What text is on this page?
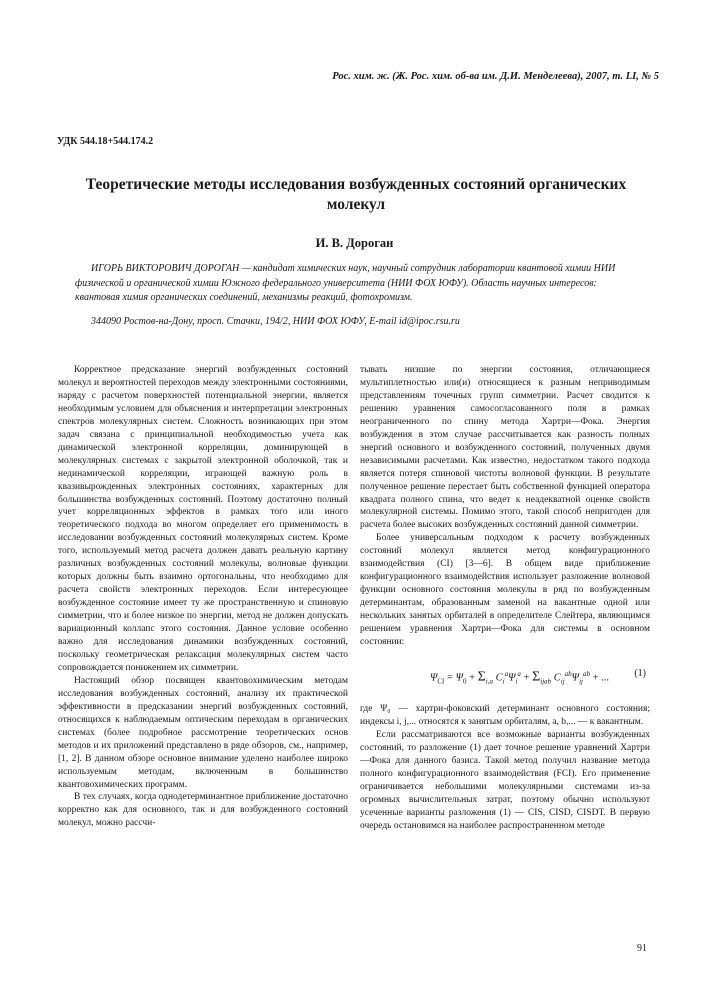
Рос. хим. ж. (Ж. Рос. хим. об-ва им. Д.И. Менделеева), 2007, т. LI, № 5
УДК 544.18+544.174.2
Теоретические методы исследования возбужденных состояний органических молекул
И. В. Дороган

ИГОРЬ ВИКТОРОВИЧ ДОРОГАН — кандидат химических наук, научный сотрудник лаборатории квантовой химии НИИ физической и органической химии Южного федерального университета (НИИ ФОХ ЮФУ). Область научных интересов: квантовая химия органических соединений, механизмы реакций, фотохромизм.

344090 Ростов-на-Дону, просп. Стачки, 194/2, НИИ ФОХ ЮФУ, E-mail id@ipoc.rsu.ru

Корректное предсказание энергий возбужденных состояний молекул и вероятностей переходов между электронными состояниями, наряду с расчетом поверхностей потенциальной энергии, является необходимым условием для объяснения и интерпретации электронных спектров молекулярных систем. Сложность возникающих при этом задач связана с принципиальной необходимостью учета как динамической электронной корреляции, доминирующей в молекулярных системах с закрытой электронной оболочкой, так и нединамической корреляции, играющей важную роль в квазивырожденных электронных состояниях, характерных для большинства возбужденных состояний. Поэтому достаточно полный учет корреляционных эффектов в рамках того или иного теоретического подхода во многом определяет его применимость в исследовании возбужденных состояний молекулярных систем. Кроме того, используемый метод расчета должен давать реальную картину различных возбужденных состояний молекулы, волновые функции которых должны быть взаимно ортогональны, что необходимо для расчета свойств электронных переходов. Если интересующее возбужденное состояние имеет ту же пространственную и спиновую симметрии, что и более низкое по энергии, метод не должен допускать вариационный коллапс этого состояния. Данное условие особенно важно для исследования динамики возбужденных состояний, поскольку геометрическая релаксация молекулярных систем часто сопровождается понижением их симметрии.

Настоящий обзор посвящен квантовохимическим методам исследования возбужденных состояний, анализу их практической эффективности в предсказании энергий возбужденных состояний, относящихся к наблюдаемым оптическим переходам в органических системах (более подробное рассмотрение теоретических основ методов и их приложений представлено в ряде обзоров, см., например, [1, 2]. В данном обзоре основное внимание уделено наиболее широко используемым методам, включенным в большинство квантовохимических программ.

В тех случаях, когда однодетерминантное приближение достаточно корректно как для основного, так и для возбужденного состояний молекул, можно рассчи-

тывать низшие по энергии состояния, отличающиеся мультиплетностью или(и) относящиеся к разным неприводимым представлениям точечных групп симметрии. Расчет сводится к решению уравнения самосогласованного поля в рамках неограниченного по спину метода Хартри—Фока. Энергия возбуждения в этом случае рассчитывается как разность полных энергий основного и возбужденного состояний, полученных двумя независимыми расчетами. Как известно, недостатком такого подхода является потеря спиновой чистоты волновой функции. В результате полученное решение перестает быть собственной функцией оператора квадрата полного спина, что ведет к неадекватной оценке свойств молекулярной системы. Помимо этого, такой способ непригоден для расчета более высоких возбужденных состояний данной симметрии.

Более универсальным подходом к расчету возбужденных состояний молекул является метод конфигурационного взаимодействия (CI) [3—6]. В общем виде приближение конфигурационного взаимодействия использует разложение волновой функции основного состояния молекулы в ряд по возбужденным детерминантам, образованным заменой на вакантные одной или нескольких занятых орбиталей в определителе Слейтера, являющимся решением уравнения Хартри—Фока для системы в основном состоянии:

$\Psi_{CI} = \Psi_0 + \Sigma_{i,a}$ $C_i^a\Psi_i^a + \Sigma_{ijab}$ $C_{ij}^{ab}\Psi_{ij}^{ab}$ + ...	(1)

где Ψ₀ — хартри-фоковский детерминант основного состояния; индексы i, j,... относятся к занятым орбиталям, a, b,... — к вакантным.

Если рассматриваются все возможные варианты возбужденных состояний, то разложение (1) дает точное решение уравнений Хартри—Фока для данного базиса. Такой метод получил название метода полного конфигурационного взаимодействия (FCI). Его применение ограничивается небольшими молекулярными системами из-за огромных вычислительных затрат, поэтому обычно используют усеченные варианты разложения (1) — CIS, CISD, CISDT. В первую очередь остановимся на наиболее распространенном методе

91
